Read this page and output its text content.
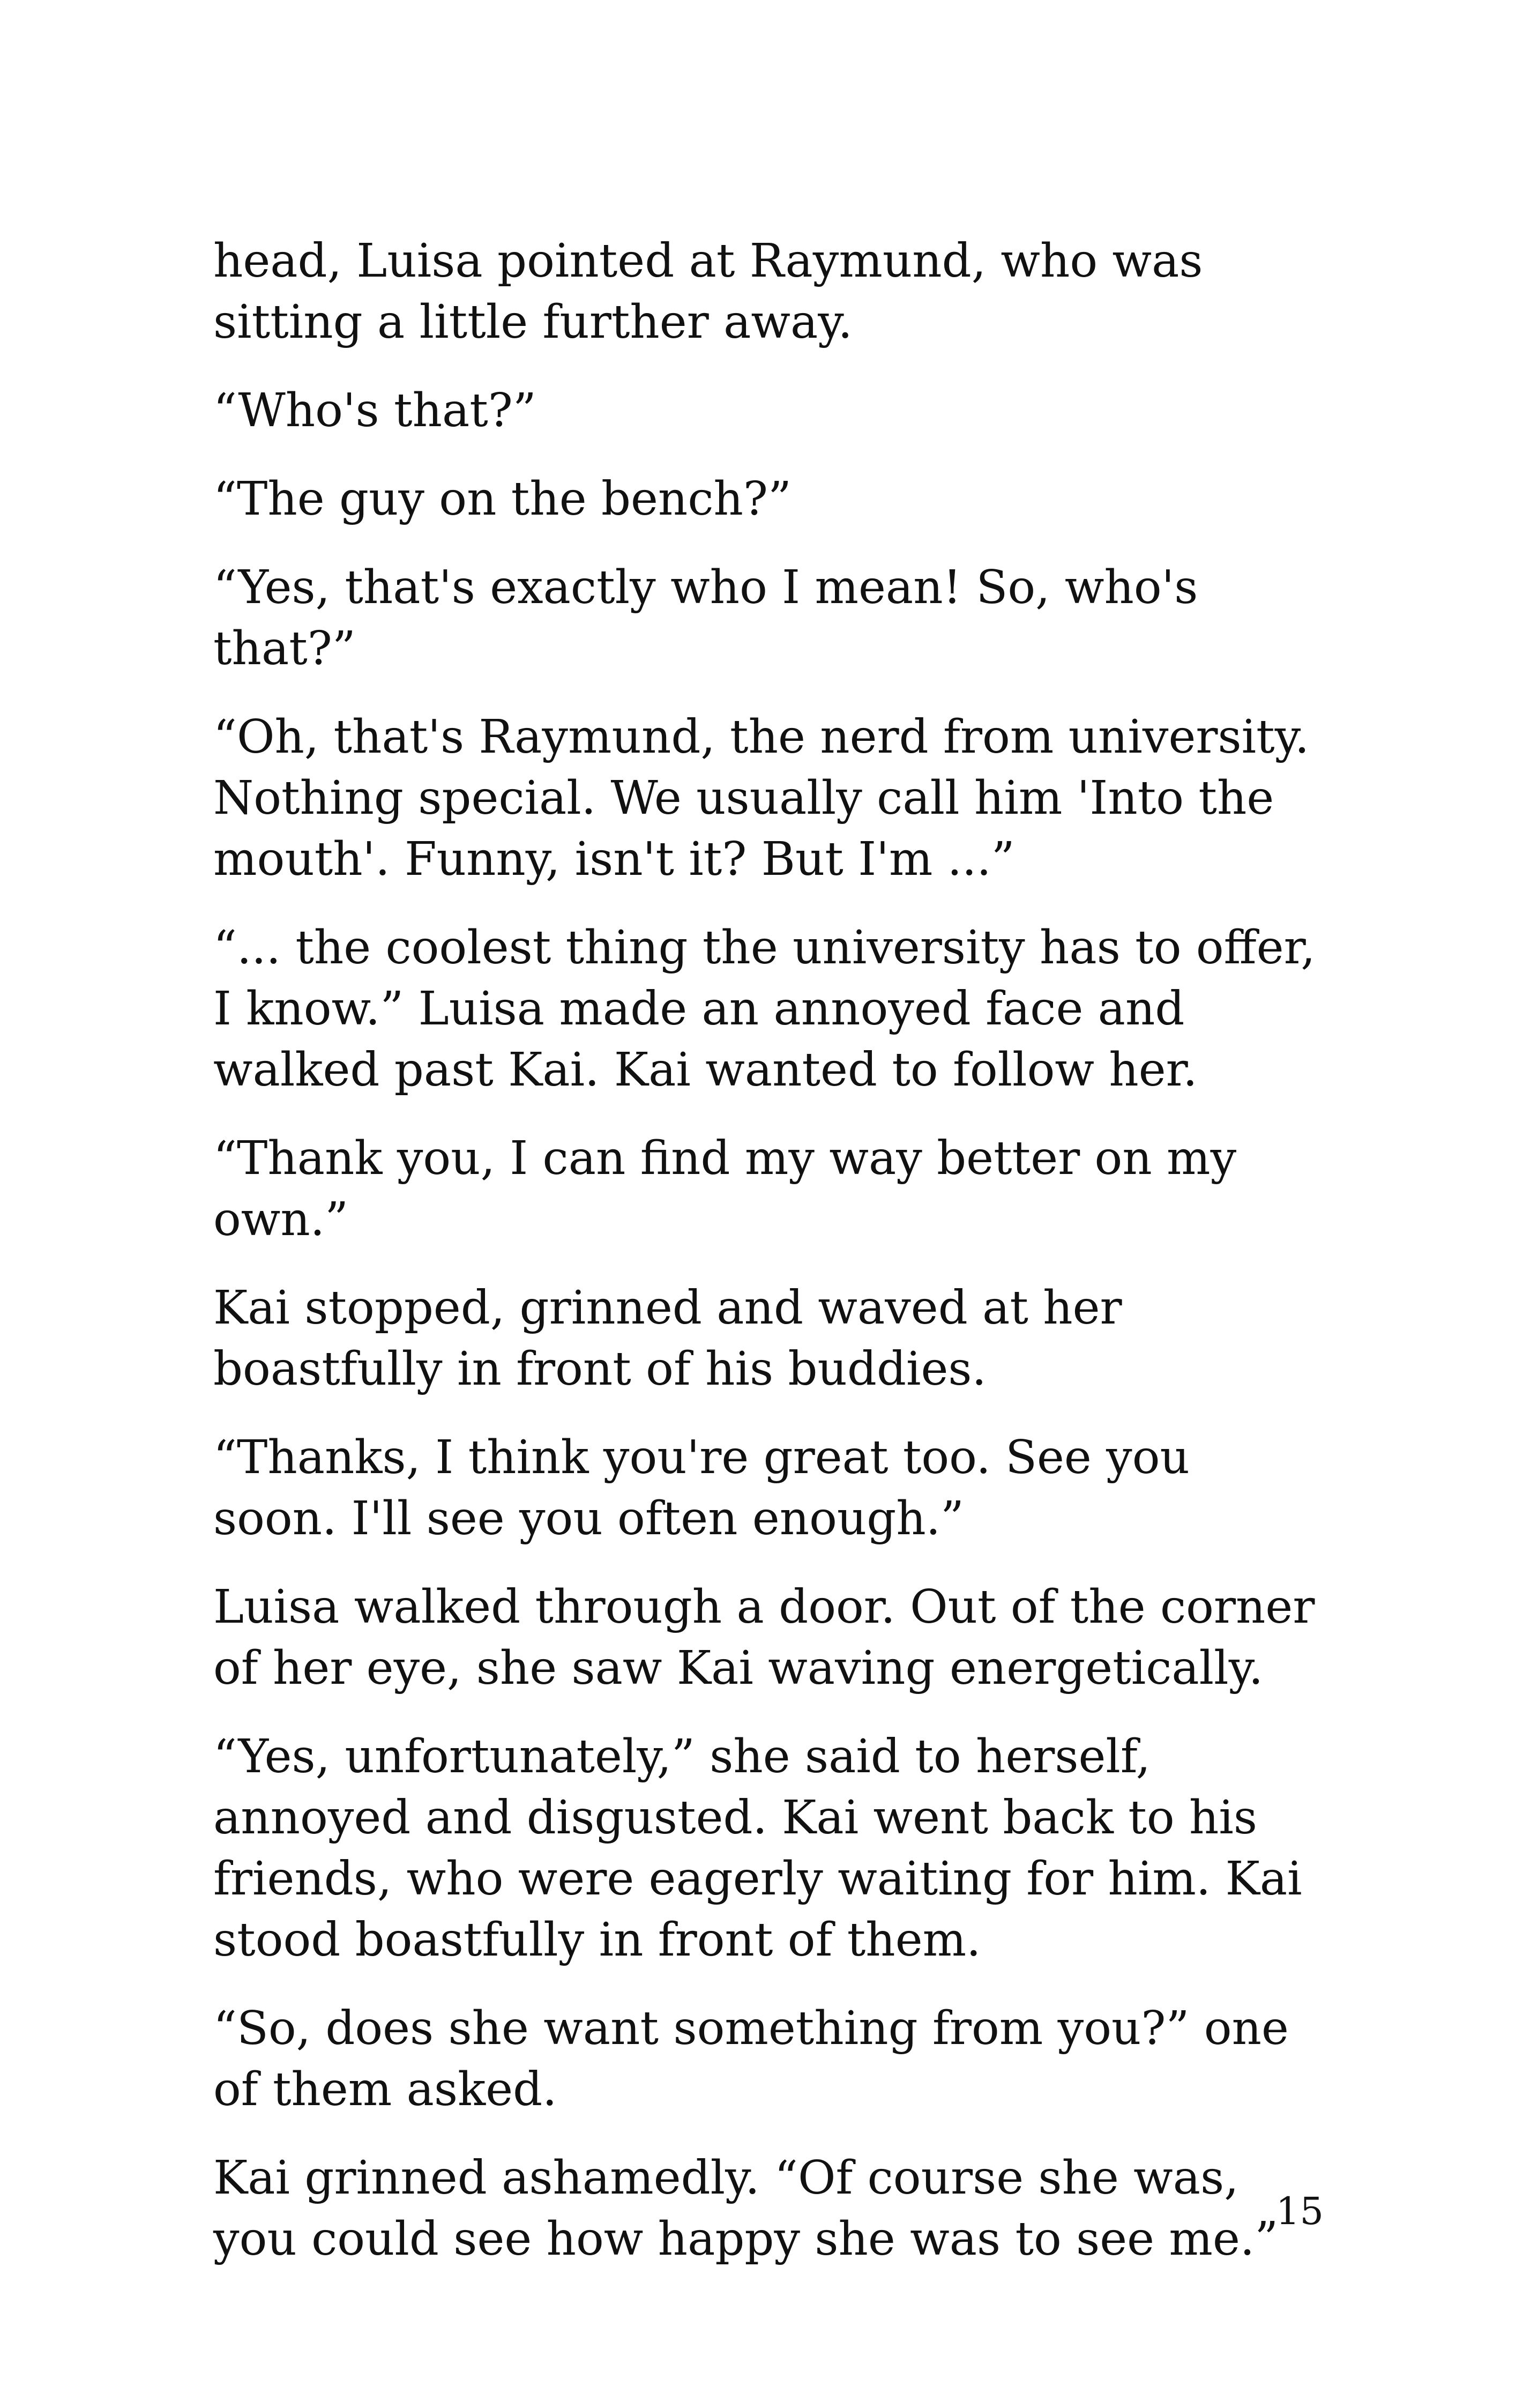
head, Luisa pointed at Raymund, who was sitting a little further away.

“Who's that?”

“The guy on the bench?”

“Yes, that's exactly who I mean! So, who's that?”

“Oh, that's Raymund, the nerd from university. Nothing special. We usually call him 'Into the mouth'. Funny, isn't it? But I'm ...”

“... the coolest thing the university has to offer, I know.” Luisa made an annoyed face and walked past Kai. Kai wanted to follow her.

“Thank you, I can find my way better on my own.”

Kai stopped, grinned and waved at her boastfully in front of his buddies.

“Thanks, I think you're great too. See you soon. I'll see you often enough.”

Luisa walked through a door. Out of the corner of her eye, she saw Kai waving energetically.

“Yes, unfortunately,” she said to herself, annoyed and disgusted. Kai went back to his friends, who were eagerly waiting for him. Kai stood boastfully in front of them.

“So, does she want something from you?” one of them asked.

Kai grinned ashamedly. “Of course she was, you could see how happy she was to see me.”

15
